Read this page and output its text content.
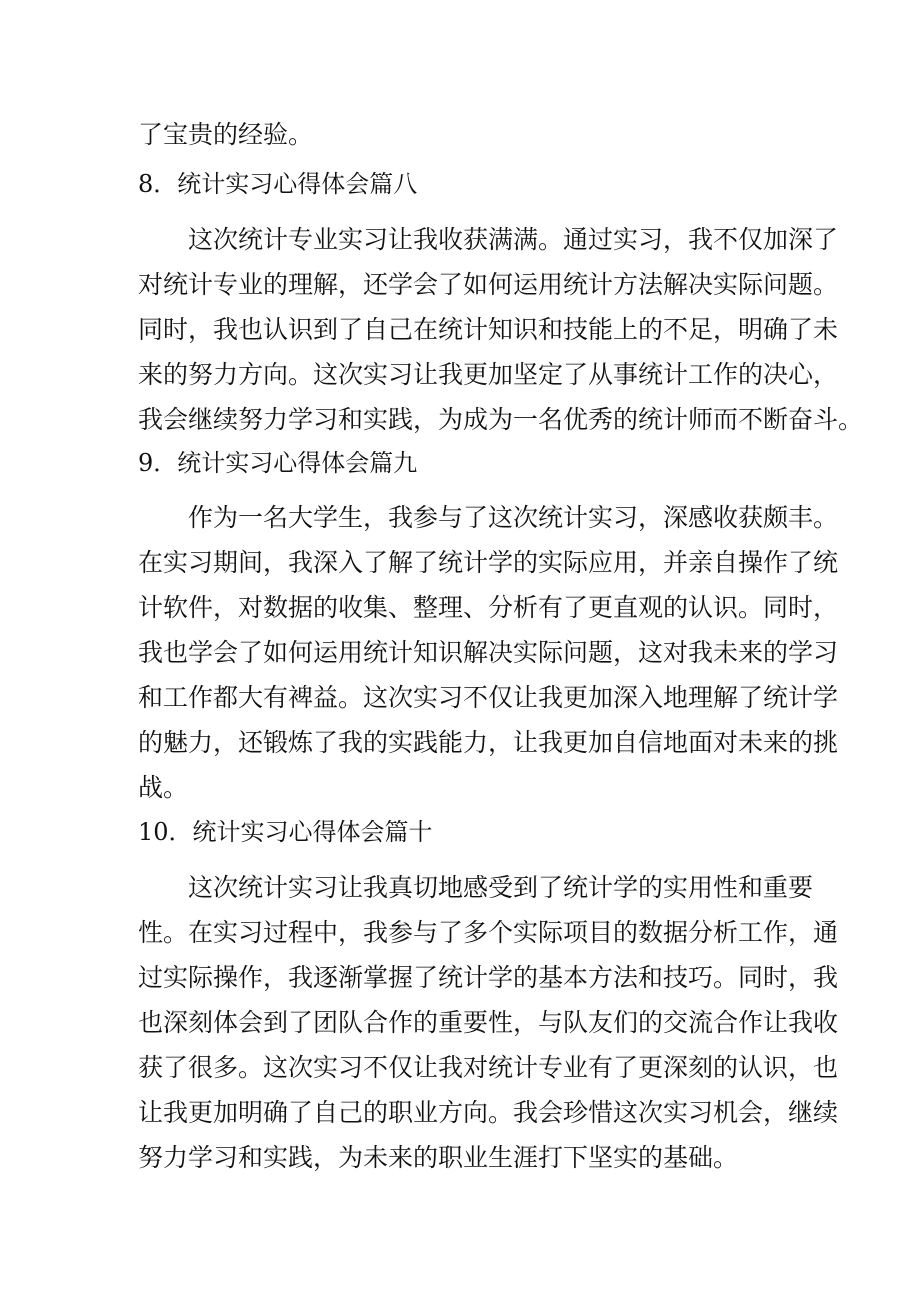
了宝贵的经验。
8．统计实习心得体会篇八
这次统计专业实习让我收获满满。通过实习，我不仅加深了
对统计专业的理解，还学会了如何运用统计方法解决实际问题。
同时，我也认识到了自己在统计知识和技能上的不足，明确了未
来的努力方向。这次实习让我更加坚定了从事统计工作的决心，
我会继续努力学习和实践，为成为一名优秀的统计师而不断奋斗。
9．统计实习心得体会篇九
作为一名大学生，我参与了这次统计实习，深感收获颇丰。
在实习期间，我深入了解了统计学的实际应用，并亲自操作了统
计软件，对数据的收集、整理、分析有了更直观的认识。同时，
我也学会了如何运用统计知识解决实际问题，这对我未来的学习
和工作都大有裨益。这次实习不仅让我更加深入地理解了统计学
的魅力，还锻炼了我的实践能力，让我更加自信地面对未来的挑
战。
10．统计实习心得体会篇十
这次统计实习让我真切地感受到了统计学的实用性和重要
性。在实习过程中，我参与了多个实际项目的数据分析工作，通
过实际操作，我逐渐掌握了统计学的基本方法和技巧。同时，我
也深刻体会到了团队合作的重要性，与队友们的交流合作让我收
获了很多。这次实习不仅让我对统计专业有了更深刻的认识，也
让我更加明确了自己的职业方向。我会珍惜这次实习机会，继续
努力学习和实践，为未来的职业生涯打下坚实的基础。
